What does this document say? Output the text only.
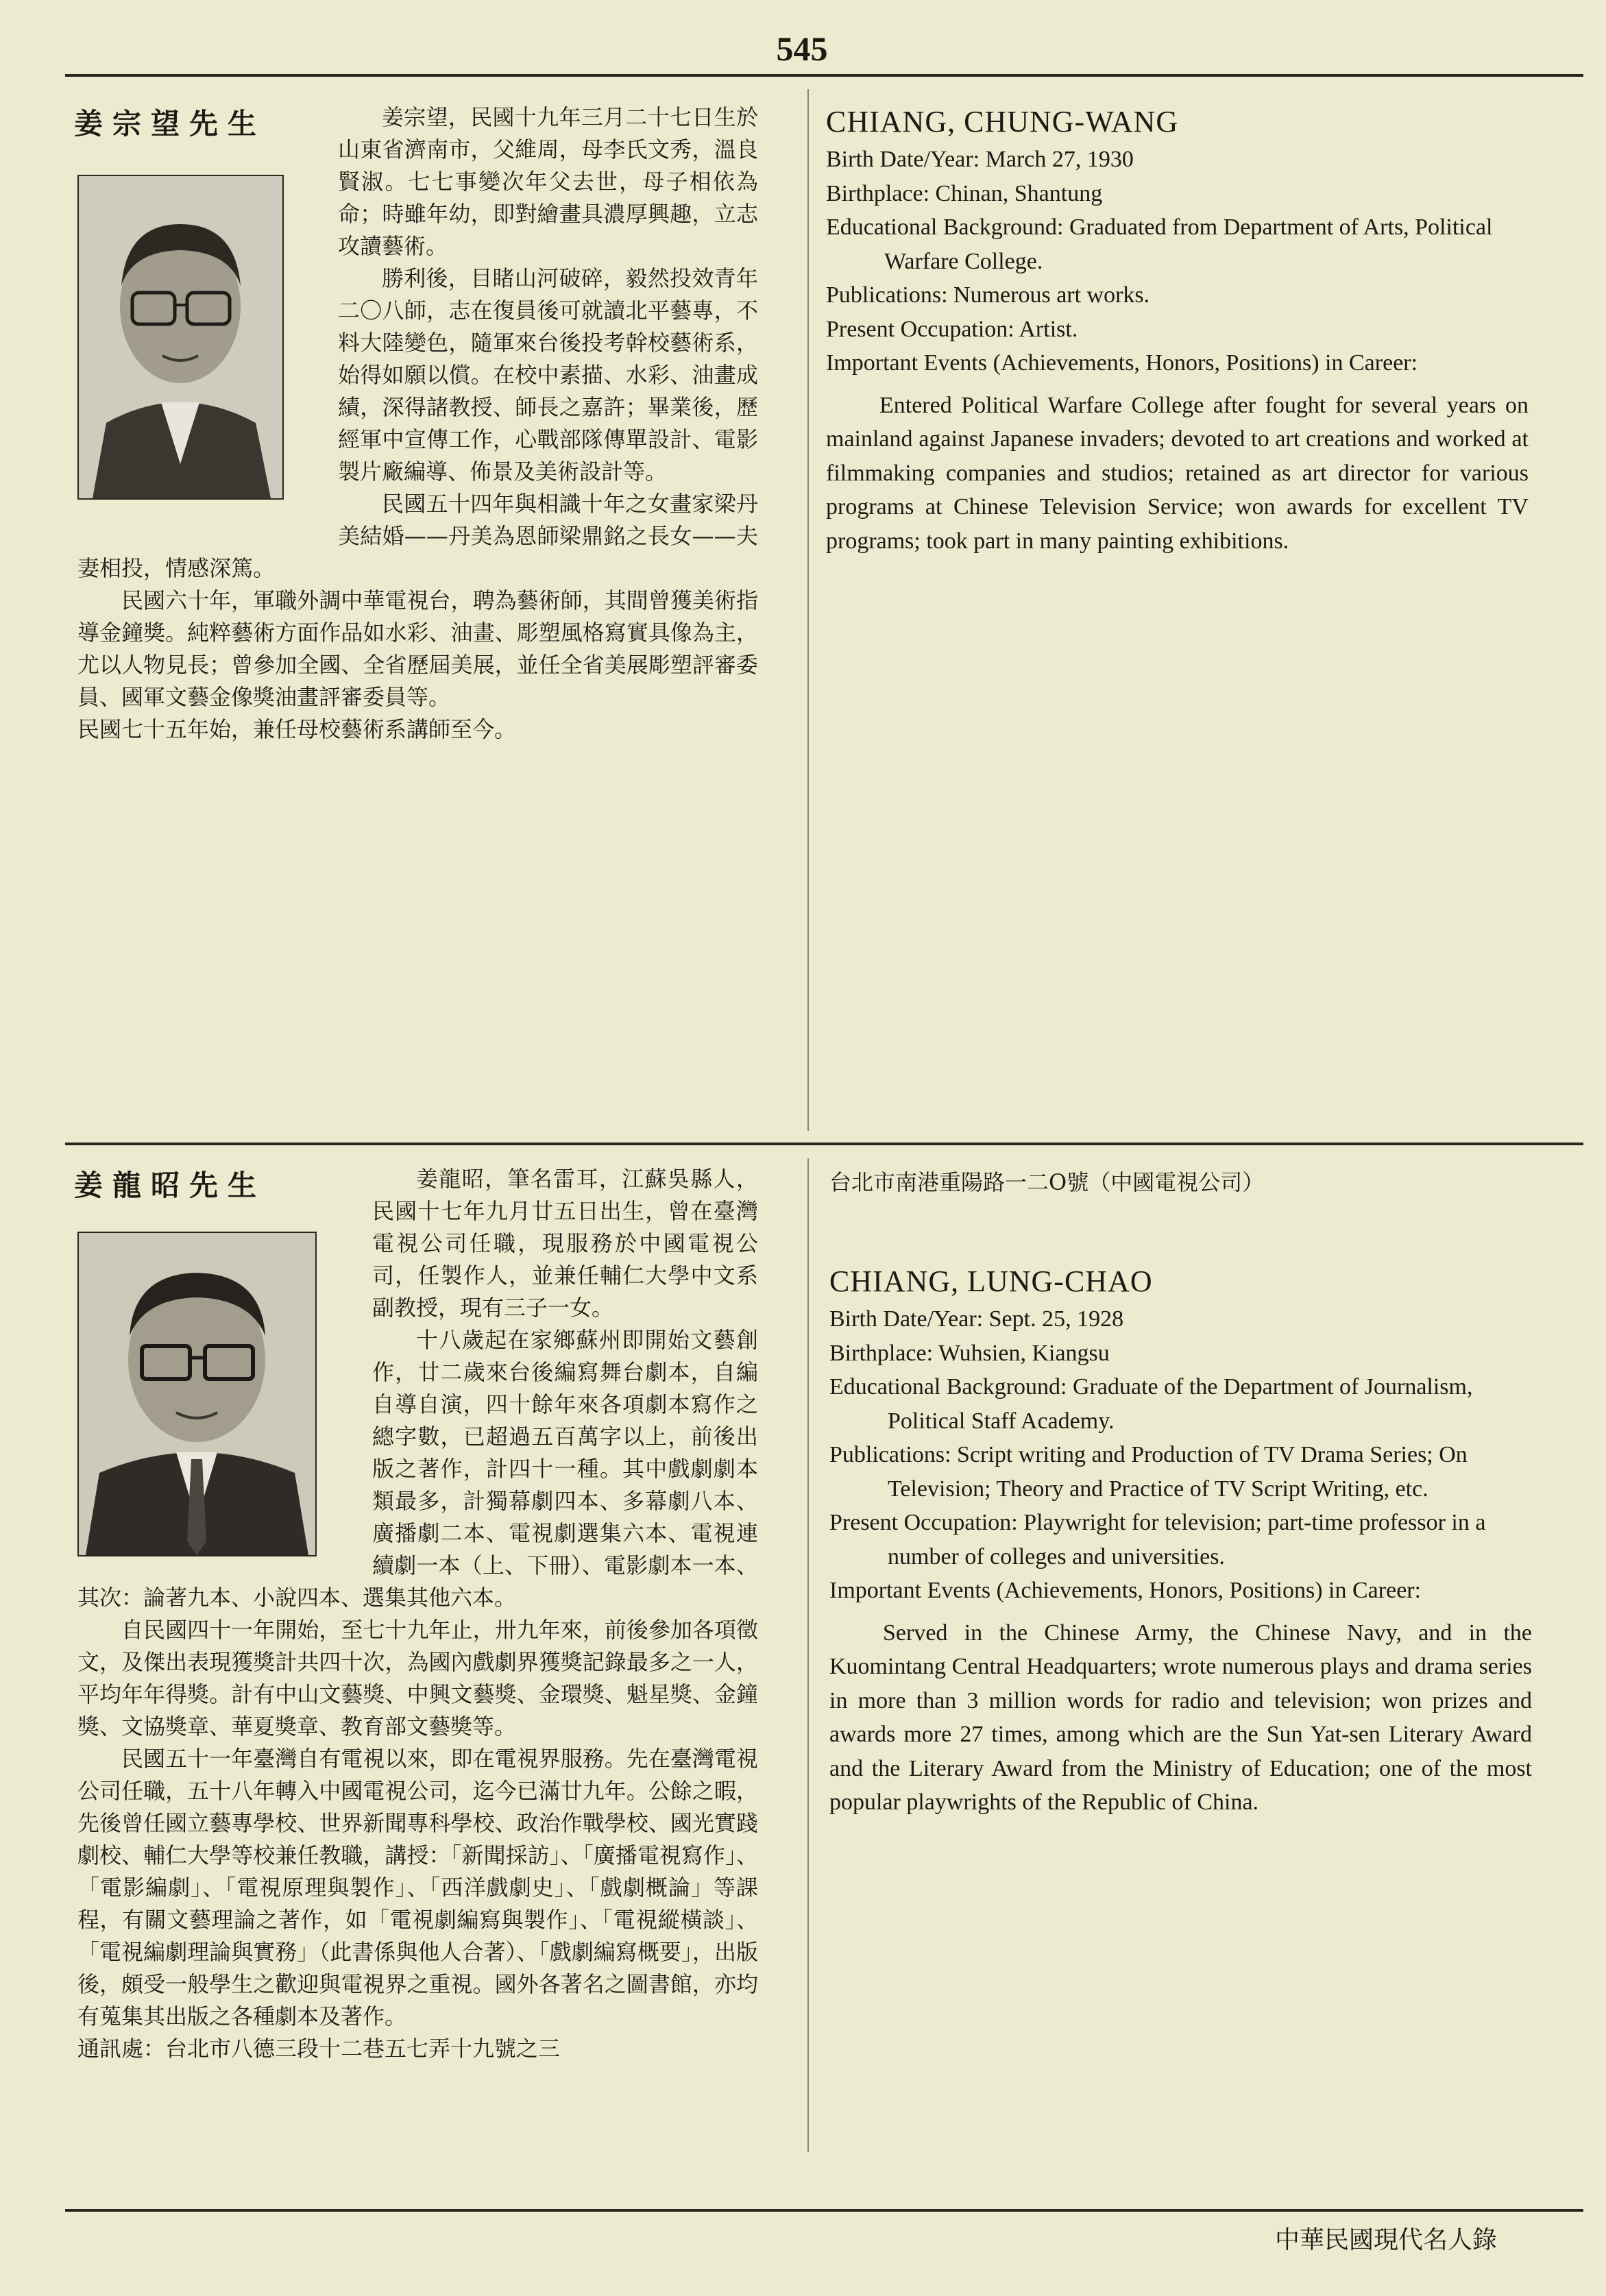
545
姜宗望先生	姜宗望，民國十九年三月二十七日生於山東省濟南市，父維周，母李氏文秀，溫良賢淑。七七事變次年父去世，母子相依為命；時雖年幼，即對繪畫具濃厚興趣，立志攻讀藝術。

勝利後，目睹山河破碎，毅然投效青年二〇八師，志在復員後可就讀北平藝專，不料大陸變色，隨軍來台後投考幹校藝術系，始得如願以償。在校中素描、水彩、油畫成績，深得諸教授、師長之嘉許；畢業後，歷經軍中宣傳工作，心戰部隊傳單設計、電影製片廠編導、佈景及美術設計等。

民國五十四年與相識十年之女畫家梁丹美結婚——丹美為恩師梁鼎銘之長女——夫妻相投，情感深篤。

民國六十年，軍職外調中華電視台，聘為藝術師，其間曾獲美術指導金鐘獎。純粹藝術方面作品如水彩、油畫、彫塑風格寫實具像為主，尤以人物見長；曾參加全國、全省歷屆美展，並任全省美展彫塑評審委員、國軍文藝金像獎油畫評審委員等。

民國七十五年始，兼任母校藝術系講師至今。

CHIANG, CHUNG-WANG
Birth Date/Year: March 27, 1930
Birthplace: Chinan, Shantung
Educational Background: Graduated from Department of Arts, Political Warfare College.
Publications: Numerous art works.
Present Occupation: Artist.
Important Events (Achievements, Honors, Positions) in Career:
Entered Political Warfare College after fought for several years on mainland against Japanese invaders; devoted to art creations and worked at filmmaking companies and studios; retained as art director for various programs at Chinese Television Service; won awards for excellent TV programs; took part in many painting exhibitions.
姜龍昭先生	姜龍昭，筆名雷耳，江蘇吳縣人，民國十七年九月廿五日出生，曾在臺灣電視公司任職，現服務於中國電視公司，任製作人，並兼任輔仁大學中文系副教授，現有三子一女。

十八歲起在家鄉蘇州即開始文藝創作，廿二歲來台後編寫舞台劇本，自編自導自演，四十餘年來各項劇本寫作之總字數，已超過五百萬字以上，前後出版之著作，計四十一種。其中戲劇劇本類最多，計獨幕劇四本、多幕劇八本、廣播劇二本、電視劇選集六本、電視連續劇一本（上、下冊）、電影劇本一本、其次：論著九本、小說四本、選集其他六本。

自民國四十一年開始，至七十九年止，卅九年來，前後參加各項徵文，及傑出表現獲獎計共四十次，為國內戲劇界獲獎記錄最多之一人，平均年年得獎。計有中山文藝獎、中興文藝獎、金環獎、魁星獎、金鐘獎、文協獎章、華夏獎章、教育部文藝獎等。

民國五十一年臺灣自有電視以來，即在電視界服務。先在臺灣電視公司任職，五十八年轉入中國電視公司，迄今已滿廿九年。公餘之暇，先後曾任國立藝專學校、世界新聞專科學校、政治作戰學校、國光實踐劇校、輔仁大學等校兼任教職，講授：「新聞採訪」、「廣播電視寫作」、「電影編劇」、「電視原理與製作」、「西洋戲劇史」、「戲劇概論」等課程，有關文藝理論之著作，如「電視劇編寫與製作」、「電視縱橫談」、「電視編劇理論與實務」（此書係與他人合著）、「戲劇編寫概要」，出版後，頗受一般學生之歡迎與電視界之重視。國外各著名之圖書館，亦均有蒐集其出版之各種劇本及著作。

通訊處：台北市八德三段十二巷五七弄十九號之三

台北市南港重陽路一二O號（中國電視公司）
CHIANG, LUNG-CHAO
Birth Date/Year: Sept. 25, 1928
Birthplace: Wuhsien, Kiangsu
Educational Background: Graduate of the Department of Journalism, Political Staff Academy.
Publications: Script writing and Production of TV Drama Series; On Television; Theory and Practice of TV Script Writing, etc.
Present Occupation: Playwright for television; part-time professor in a number of colleges and universities.
Important Events (Achievements, Honors, Positions) in Career:
Served in the Chinese Army, the Chinese Navy, and in the Kuomintang Central Headquarters; wrote numerous plays and drama series in more than 3 million words for radio and television; won prizes and awards more 27 times, among which are the Sun Yat-sen Literary Award and the Literary Award from the Ministry of Education; one of the most popular playwrights of the Republic of China.
中華民國現代名人錄
